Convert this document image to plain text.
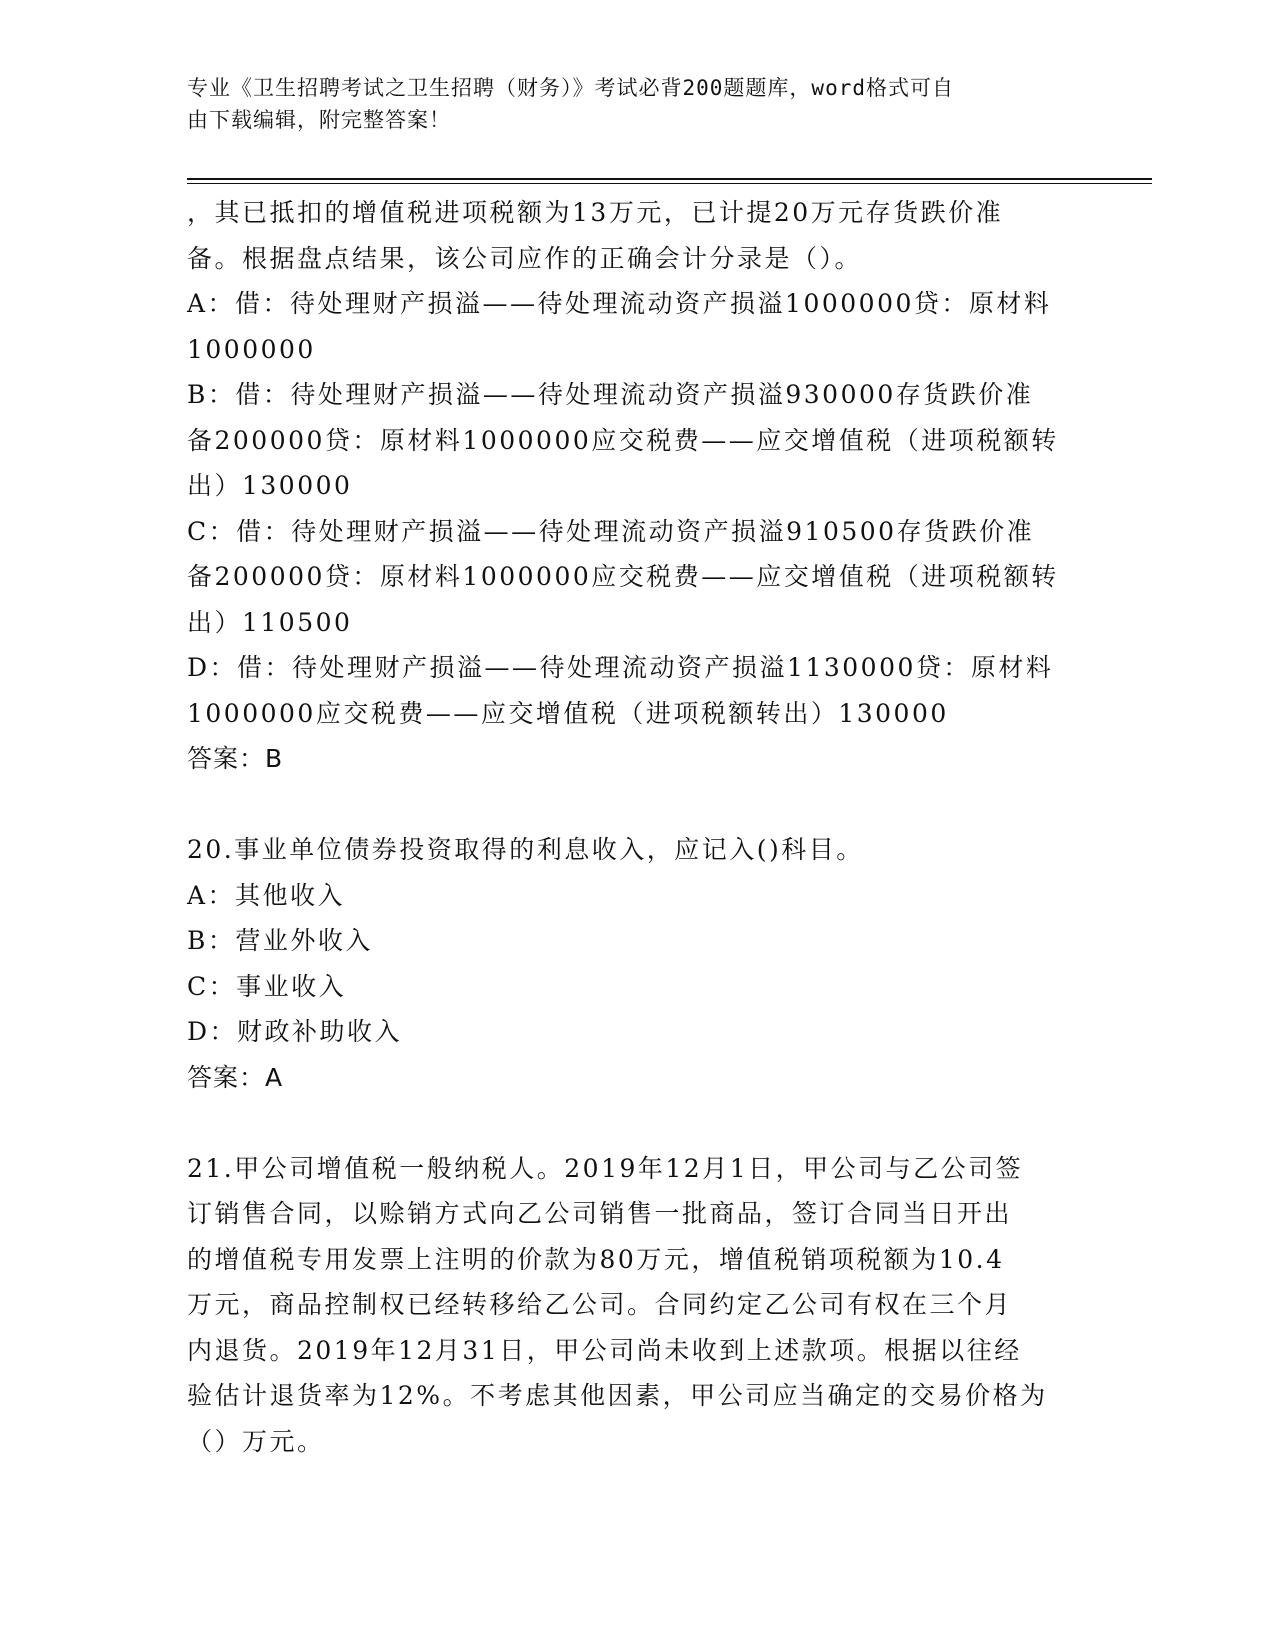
专业《卫生招聘考试之卫生招聘（财务）》考试必背200题题库，word格式可自
由下载编辑，附完整答案！
，其已抵扣的增值税进项税额为13万元，已计提20万元存货跌价准
备。根据盘点结果，该公司应作的正确会计分录是（）。
A：借：待处理财产损溢——待处理流动资产损溢1000000贷：原材料
1000000
B：借：待处理财产损溢——待处理流动资产损溢930000存货跌价准
备200000贷：原材料1000000应交税费——应交增值税（进项税额转
出）130000
C：借：待处理财产损溢——待处理流动资产损溢910500存货跌价准
备200000贷：原材料1000000应交税费——应交增值税（进项税额转
出）110500
D：借：待处理财产损溢——待处理流动资产损溢1130000贷：原材料
1000000应交税费——应交增值税（进项税额转出）130000
答案：B
20.事业单位债券投资取得的利息收入，应记入()科目。
A：其他收入
B：营业外收入
C：事业收入
D：财政补助收入
答案：A
21.甲公司增值税一般纳税人。2019年12月1日，甲公司与乙公司签
订销售合同，以赊销方式向乙公司销售一批商品，签订合同当日开出
的增值税专用发票上注明的价款为80万元，增值税销项税额为10.4
万元，商品控制权已经转移给乙公司。合同约定乙公司有权在三个月
内退货。2019年12月31日，甲公司尚未收到上述款项。根据以往经
验估计退货率为12%。不考虑其他因素，甲公司应当确定的交易价格为
（）万元。
